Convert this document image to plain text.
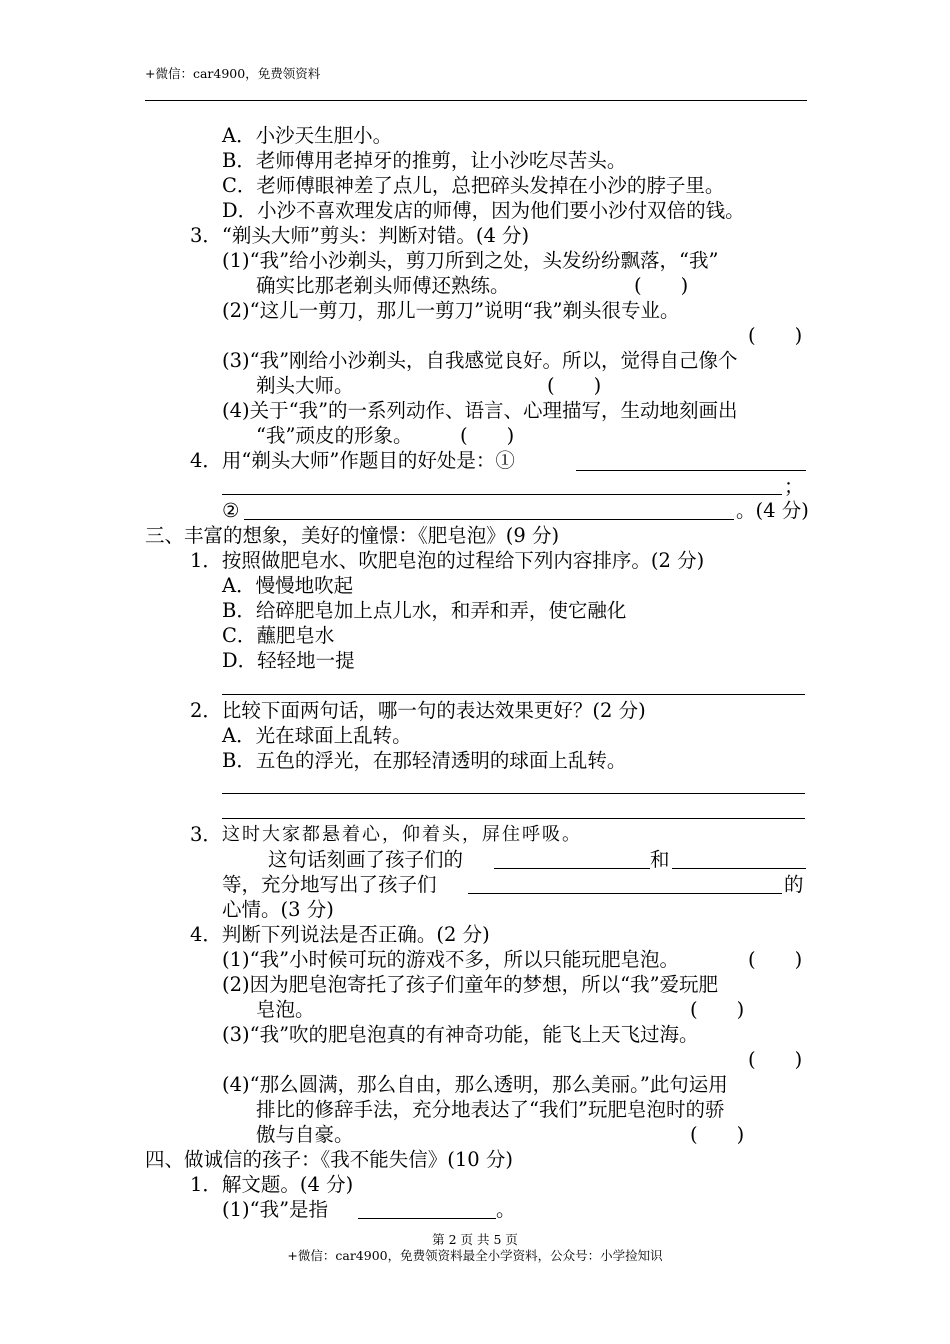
+微信：car4900，免费领资料
A．小沙天生胆小。
B．老师傅用老掉牙的推剪，让小沙吃尽苦头。
C．老师傅眼神差了点儿，总把碎头发掉在小沙的脖子里。
D．小沙不喜欢理发店的师傅，因为他们要小沙付双倍的钱。
3．“剃头大师”剪头：判断对错。(4 分)
(1)“我”给小沙剃头，剪刀所到之处，头发纷纷飘落，“我”
确实比那老剃头师傅还熟练。	(　　)
(2)“这儿一剪刀，那儿一剪刀”说明“我”剃头很专业。
(　　)
(3)“我”刚给小沙剃头，自我感觉良好。所以，觉得自己像个
剃头大师。	(　　)
(4)关于“我”的一系列动作、语言、心理描写，生动地刻画出
“我”顽皮的形象。 (　　)
4．用“剃头大师”作题目的好处是：①
；
②	。(4 分)
三、丰富的想象，美好的憧憬：《肥皂泡》(9 分)
1．按照做肥皂水、吹肥皂泡的过程给下列内容排序。(2 分)
A．慢慢地吹起
B．给碎肥皂加上点儿水，和弄和弄，使它融化
C．蘸肥皂水
D．轻轻地一提
2．比较下面两句话，哪一句的表达效果更好？(2 分)
A．光在球面上乱转。
B．五色的浮光，在那轻清透明的球面上乱转。
3． 这时大家都悬着心，仰着头，屏住呼吸。
这句话刻画了孩子们的	和
等，充分地写出了孩子们	的
心情。(3 分)
4．判断下列说法是否正确。(2 分)
(1)“我”小时候可玩的游戏不多，所以只能玩肥皂泡。	(　　)
(2)因为肥皂泡寄托了孩子们童年的梦想，所以“我”爱玩肥
皂泡。	(　　)
(3)“我”吹的肥皂泡真的有神奇功能，能飞上天飞过海。
(　　)
(4)“那么圆满，那么自由，那么透明，那么美丽。”此句运用
排比的修辞手法，充分地表达了“我们”玩肥皂泡时的骄
傲与自豪。	(　　)
四、做诚信的孩子：《我不能失信》(10 分)
1．解文题。(4 分)
(1)“我”是指	。
第 2 页 共 5 页
+微信：car4900，免费领资料最全小学资料，公众号：小学捡知识
